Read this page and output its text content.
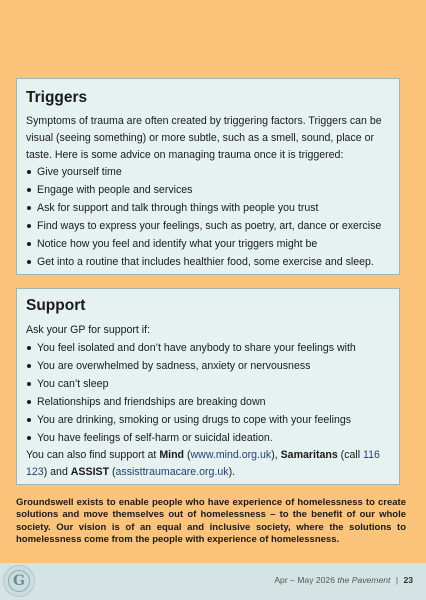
Triggers

Symptoms of trauma are often created by triggering factors. Triggers can be visual (seeing something) or more subtle, such as a smell, sound, place or taste. Here is some advice on managing trauma once it is triggered:

Give yourself time
Engage with people and services
Ask for support and talk through things with people you trust
Find ways to express your feelings, such as poetry, art, dance or exercise
Notice how you feel and identify what your triggers might be
Get into a routine that includes healthier food, some exercise and sleep.
Support

Ask your GP for support if:

You feel isolated and don’t have anybody to share your feelings with
You are overwhelmed by sadness, anxiety or nervousness
You can’t sleep
Relationships and friendships are breaking down
You are drinking, smoking or using drugs to cope with your feelings
You have feelings of self-harm or suicidal ideation.

You can also find support at Mind (www.mind.org.uk), Samaritans (call 116 123) and ASSIST (assisttraumacare.org.uk).

Groundswell exists to enable people who have experience of homelessness to create solutions and move themselves out of homelessness – to the benefit of our whole society. Our vision is of an equal and inclusive society, where the solutions to homelessness come from the people with experience of homelessness.
G	Apr – May 2026 the Pavement | 23
